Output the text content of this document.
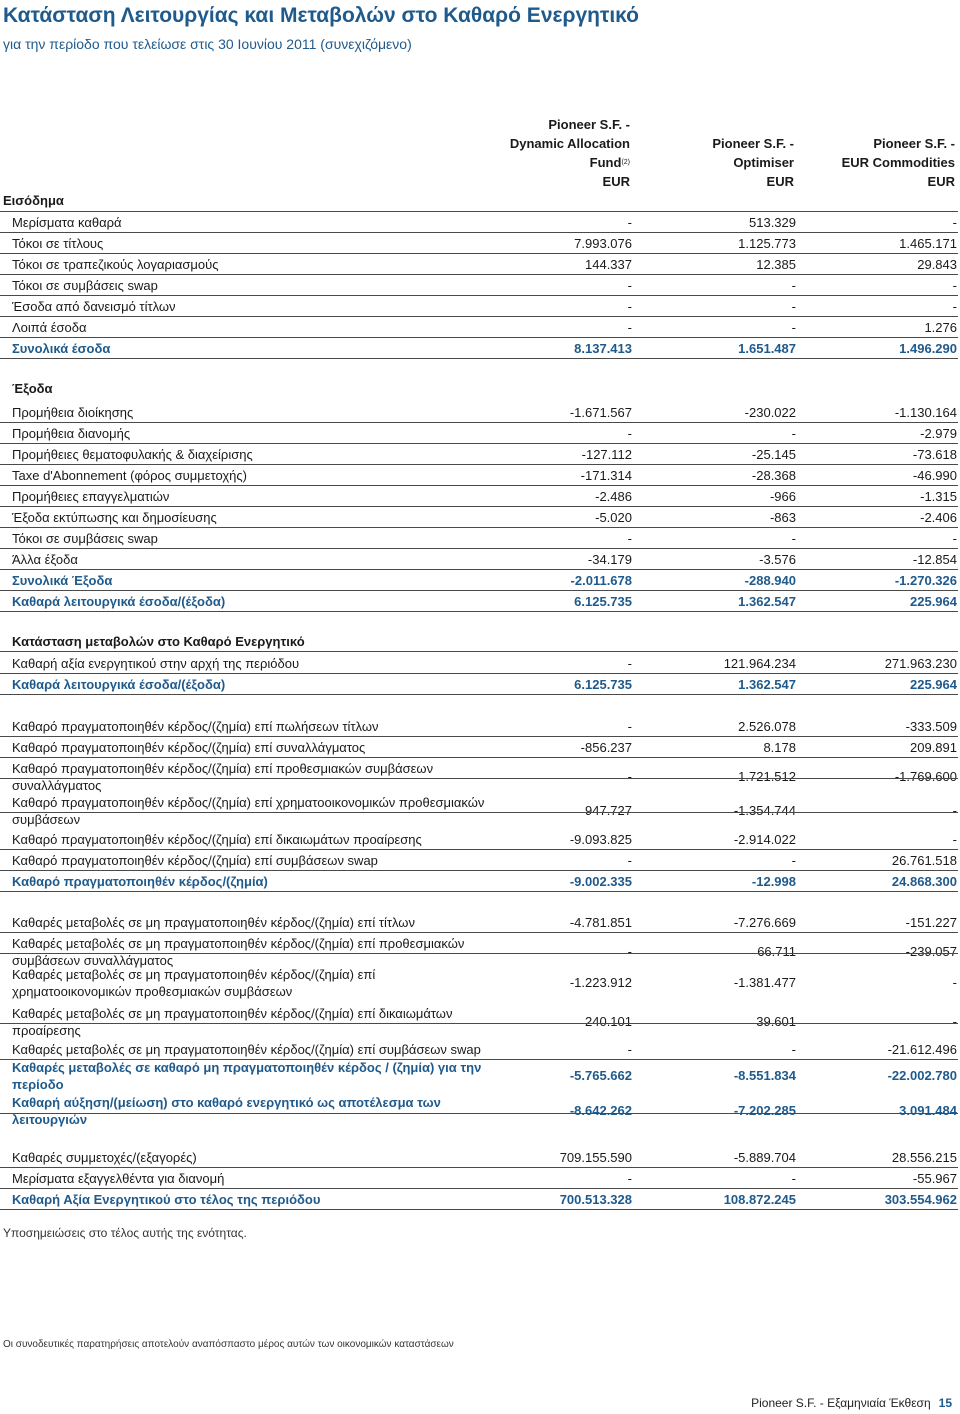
Κατάσταση Λειτουργίας και Μεταβολών στο Καθαρό Ενεργητικό
για την περίοδο που τελείωσε στις 30 Ιουνίου 2011 (συνεχιζόμενο)
Εισόδημα
Μερίσματα καθαρά	-	513.329	-
Τόκοι σε τίτλους	7.993.076	1.125.773	1.465.171
Τόκοι σε τραπεζικούς λογαριασμούς	144.337	12.385	29.843
Τόκοι σε συμβάσεις swap	-	-	-
Έσοδα από δανεισμό τίτλων	-	-	-
Λοιπά έσοδα	-	-	1.276
Συνολικά έσοδα	8.137.413	1.651.487	1.496.290
Έξοδα
Προμήθεια διοίκησης	-1.671.567	-230.022	-1.130.164
Προμήθεια διανομής	-	-	-2.979
Προμήθειες θεματοφυλακής & διαχείρισης	-127.112	-25.145	-73.618
Taxe d'Abonnement (φόρος συμμετοχής)	-171.314	-28.368	-46.990
Προμήθειες επαγγελματιών	-2.486	-966	-1.315
Έξοδα εκτύπωσης και δημοσίευσης	-5.020	-863	-2.406
Τόκοι σε συμβάσεις swap	-	-	-
Άλλα έξοδα	-34.179	-3.576	-12.854
Συνολικά Έξοδα	-2.011.678	-288.940	-1.270.326
Καθαρά λειτουργικά έσοδα/(έξοδα)	6.125.735	1.362.547	225.964
Κατάσταση μεταβολών στο Καθαρό Ενεργητικό
Καθαρή αξία ενεργητικού στην αρχή της περιόδου	-	121.964.234	271.963.230
Καθαρά λειτουργικά έσοδα/(έξοδα)	6.125.735	1.362.547	225.964
Καθαρό πραγματοποιηθέν κέρδος/(ζημία) επί πωλήσεων τίτλων	-	2.526.078	-333.509
Καθαρό πραγματοποιηθέν κέρδος/(ζημία) επί συναλλάγματος	-856.237	8.178	209.891
Καθαρό πραγματοποιηθέν κέρδος/(ζημία) επί προθεσμιακών συμβάσεων
συναλλάγματος
-	1.721.512	-1.769.600
Καθαρό πραγματοποιηθέν κέρδος/(ζημία) επί χρηματοοικονομικών προθεσμιακών
συμβάσεων
947.727	-1.354.744	-
Καθαρό πραγματοποιηθέν κέρδος/(ζημία) επί δικαιωμάτων προαίρεσης	-9.093.825	-2.914.022	-
Καθαρό πραγματοποιηθέν κέρδος/(ζημία) επί συμβάσεων swap	-	-	26.761.518
Καθαρό πραγματοποιηθέν κέρδος/(ζημία)	-9.002.335	-12.998	24.868.300
Καθαρές μεταβολές σε μη πραγματοποιηθέν κέρδος/(ζημία) επί τίτλων	-4.781.851	-7.276.669	-151.227
Καθαρές μεταβολές σε μη πραγματοποιηθέν κέρδος/(ζημία) επί προθεσμιακών
συμβάσεων συναλλάγματος
-	66.711	-239.057
Καθαρές μεταβολές σε μη πραγματοποιηθέν κέρδος/(ζημία) επί
χρηματοοικονομικών προθεσμιακών συμβάσεων
-1.223.912	-1.381.477	-
Καθαρές μεταβολές σε μη πραγματοποιηθέν κέρδος/(ζημία) επί δικαιωμάτων
προαίρεσης
240.101	39.601	-
Καθαρές μεταβολές σε μη πραγματοποιηθέν κέρδος/(ζημία) επί συμβάσεων swap	-	-	-21.612.496
Καθαρές μεταβολές σε καθαρό μη πραγματοποιηθέν κέρδος / (ζημία) για την
περίοδο
-5.765.662	-8.551.834	-22.002.780
Καθαρή αύξηση/(μείωση) στο καθαρό ενεργητικό ως αποτέλεσμα των
λειτουργιών
-8.642.262	-7.202.285	3.091.484
Καθαρές συμμετοχές/(εξαγορές)	709.155.590	-5.889.704	28.556.215
Μερίσματα εξαγγελθέντα για διανομή	-	-	-55.967
Καθαρή Αξία Ενεργητικού στο τέλος της περιόδου	700.513.328	108.872.245	303.554.962
Υποσημειώσεις στο τέλος αυτής της ενότητας.
Οι συνοδευτικές παρατηρήσεις αποτελούν αναπόσπαστο μέρος αυτών των οικονομικών καταστάσεων
Pioneer S.F. - Εξαμηνιαία Έκθεση 15
Pioneer S.F. -
Dynamic Allocation
Fund$^{(2)}$
EUR
Pioneer S.F. -
Optimiser
EUR
Pioneer S.F. -
EUR Commodities
EUR
